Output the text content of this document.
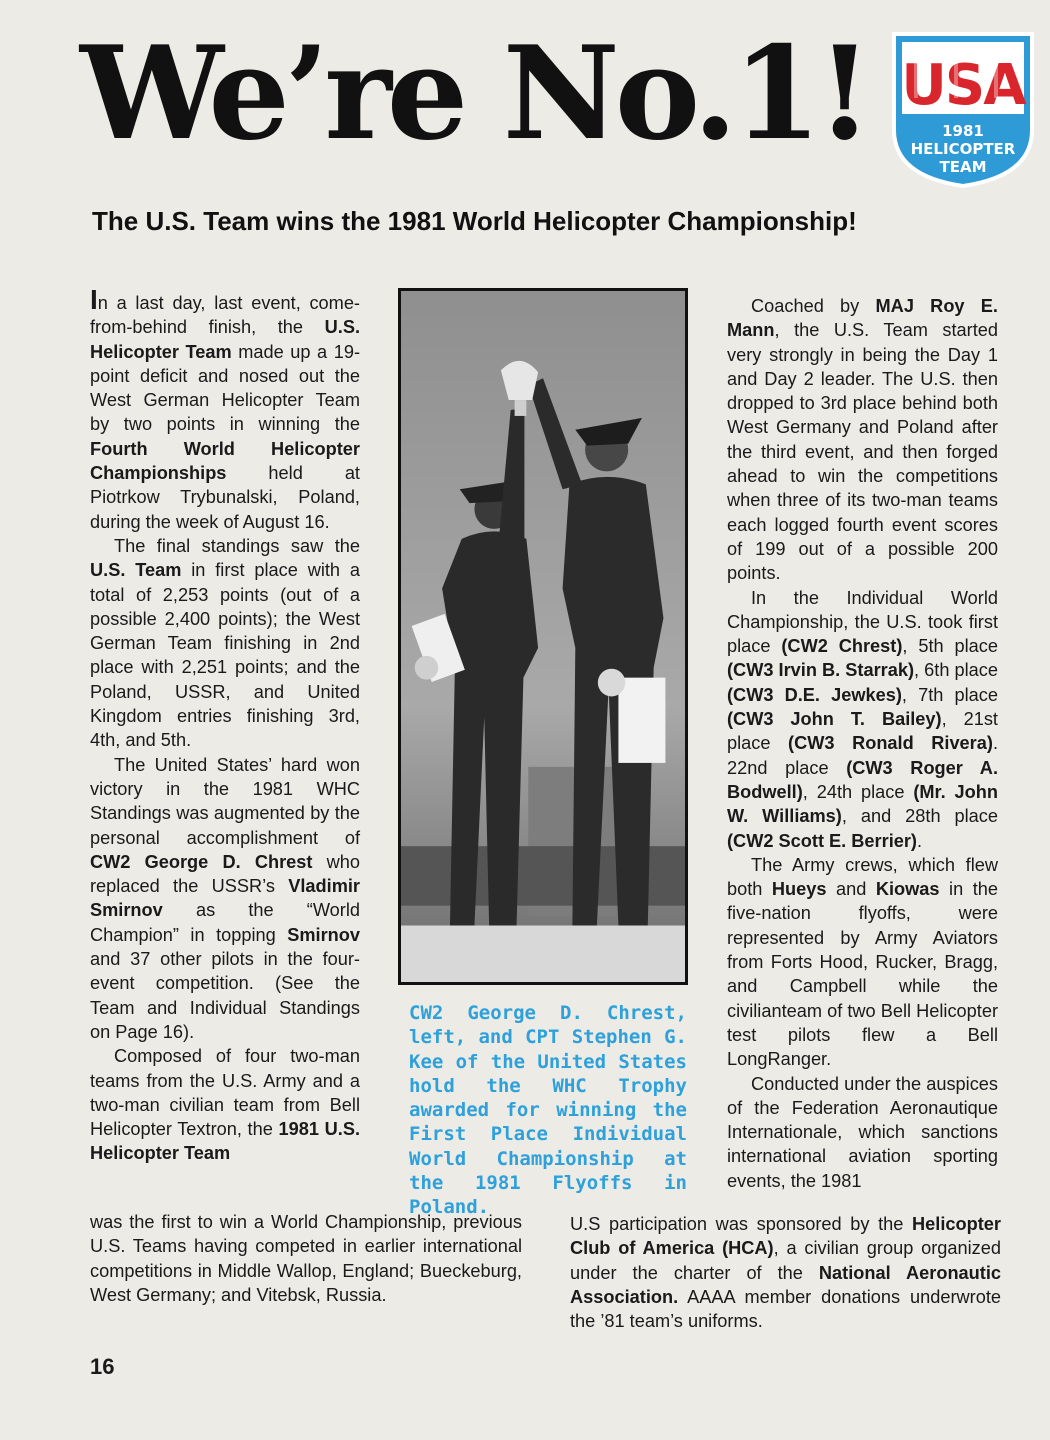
We’re No.1! USA
1981
HELICOPTER
TEAM
The U.S. Team wins the 1981 World Helicopter Championship!

In a last day, last event, come-from-behind finish, the U.S. Helicopter Team made up a 19-point deficit and nosed out the West German Helicopter Team by two points in winning the Fourth World Helicopter Championships held at Piotrkow Trybunalski, Poland, during the week of August 16.

The final standings saw the U.S. Team in first place with a total of 2,253 points (out of a possible 2,400 points); the West German Team finishing in 2nd place with 2,251 points; and the Poland, USSR, and United Kingdom entries finishing 3rd, 4th, and 5th.

The United States’ hard won victory in the 1981 WHC Standings was augmented by the personal accomplishment of CW2 George D. Chrest who replaced the USSR’s Vladimir Smirnov as the “World Champion” in topping Smirnov and 37 other pilots in the four-event competition. (See the Team and Individual Standings on Page 16).

Composed of four two-man teams from the U.S. Army and a two-man civilian team from Bell Helicopter Textron, the 1981 U.S. Helicopter Team

CW2 George D. Chrest, left, and CPT Stephen G. Kee of the United States hold the WHC Trophy awarded for winning the First Place Individual World Championship at the 1981 Flyoffs in Poland.

Coached by MAJ Roy E. Mann, the U.S. Team started very strongly in being the Day 1 and Day 2 leader. The U.S. then dropped to 3rd place behind both West Germany and Poland after the third event, and then forged ahead to win the competitions when three of its two-man teams each logged fourth event scores of 199 out of a possible 200 points.

In the Individual World Championship, the U.S. took first place (CW2 Chrest), 5th place (CW3 Irvin B. Starrak), 6th place (CW3 D.E. Jewkes), 7th place (CW3 John T. Bailey), 21st place (CW3 Ronald Rivera). 22nd place (CW3 Roger A. Bodwell), 24th place (Mr. John W. Williams), and 28th place (CW2 Scott E. Berrier).

The Army crews, which flew both Hueys and Kiowas in the five-nation flyoffs, were represented by Army Aviators from Forts Hood, Rucker, Bragg, and Campbell while the civilianteam of two Bell Helicopter test pilots flew a Bell LongRanger.

Conducted under the auspices of the Federation Aeronautique Internationale, which sanctions international aviation sporting events, the 1981

was the first to win a World Championship, previous U.S. Teams having competed in earlier international competitions in Middle Wallop, England; Bueckeburg, West Germany; and Vitebsk, Russia.

U.S participation was sponsored by the Helicopter Club of America (HCA), a civilian group organized under the charter of the National Aeronautic Association. AAAA member donations underwrote the ’81 team’s uniforms.

16
